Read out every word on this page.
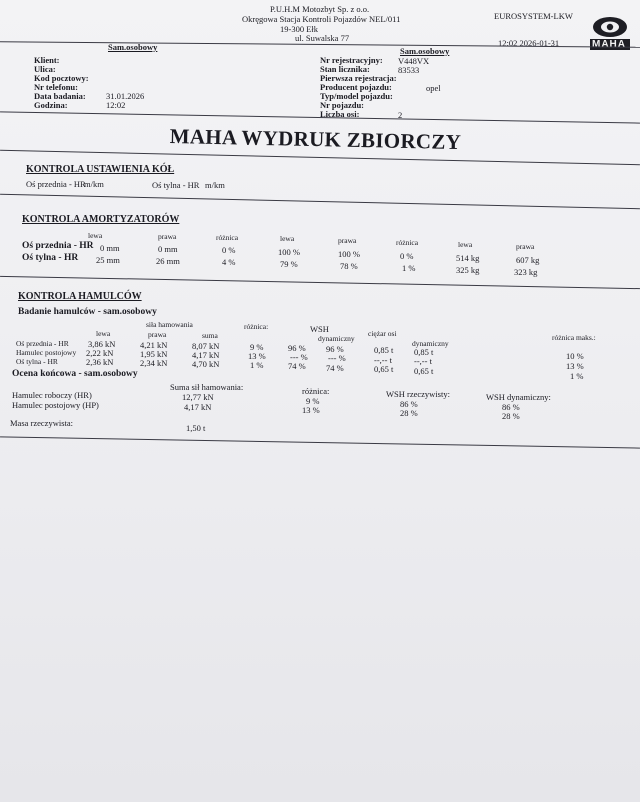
P.U.H.M Motozbyt Sp. z o.o.
Okręgowa Stacja Kontroli Pojazdów NEL/011
19-300 Ełk
ul. Suwalska 77
EUROSYSTEM-LKW
12:02 2026-01-31	MAHA
Sam.osobowy	Sam.osobowy
Klient:
Ulica:
Kod pocztowy:
Nr telefonu:
Data badania: 31.01.2026
Godzina:	12:02
Nr rejestracyjny: V448VX
Stan licznika:	83533
Pierwsza rejestracja:
Producent pojazdu:	opel
Typ/model pojazdu:
Nr pojazdu:
Liczba osi:	2
MAHA WYDRUK ZBIORCZY
KONTROLA USTAWIENIA KÓŁ
Oś przednia - HR
m/km	Oś tylna - HR m/km
KONTROLA AMORTYZATORÓW
lewa	prawa	różnica	lewa	prawa	różnica	lewa	prawa
Oś przednia - HR 0 mm	0 mm	0 %	100 %	100 %	0 %	514 kg	607 kg
Oś tylna - HR 25 mm	26 mm	4 %	79 %	78 %	1 %	325 kg	323 kg
KONTROLA HAMULCÓW
Badanie hamulców - sam.osobowy
siła hamowania
lewa	prawa	suma
różnica:	WSH
dynamiczny
ciężar osi
dynamiczny
różnica maks.:
Oś przednia - HR 3,86 kN	4,21 kN	8,07 kN	9 %	96 % 96 %	0,85 t 0,85 t	10 %
Hamulec postojowy 2,22 kN	1,95 kN	4,17 kN	13 %	--- % --- %	--,-- t	--,-- t	13 %
Oś tylna - HR	2,36 kN	2,34 kN	4,70 kN	1 %	74 % 74 %	0,65 t 0,65 t	1 %
Ocena końcowa - sam.osobowy
Suma sił hamowania:	różnica:	WSH rzeczywisty:	WSH dynamiczny:
Hamulec roboczy (HR)	12,77 kN	9 %	86 %	86 %
Hamulec postojowy (HP)	4,17 kN	13 %	28 %	28 %
Masa rzeczywista:	1,50 t
